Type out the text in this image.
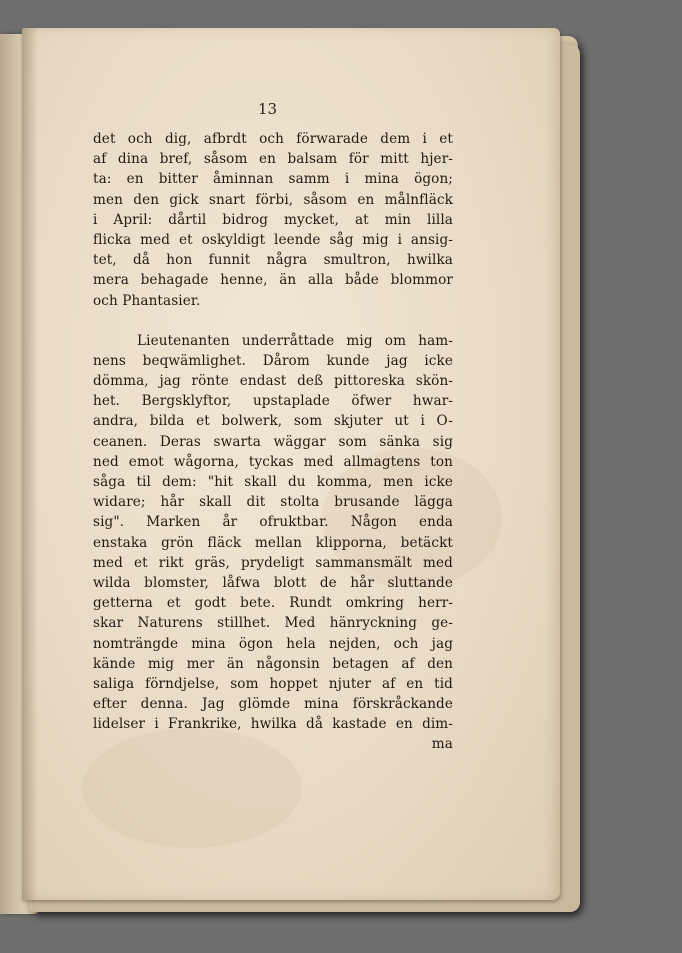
13
det och dig, afbrdt och förwarade dem i et
af dina bref, såsom en balsam för mitt hjer-
ta: en bitter åminnan samm i mina ögon;
men den gick snart förbi, såsom en målnfläck
i April: dårtil bidrog mycket, at min lilla
flicka med et oskyldigt leende såg mig i ansig-
tet, då hon funnit några smultron, hwilka
mera behagade henne, än alla både blommor
och Phantasier.
Lieutenanten underråttade mig om ham-
nens beqwämlighet. Dårom kunde jag icke
dömma, jag rönte endast deß pittoreska skön-
het. Bergsklyftor, upstaplade öfwer hwar-
andra, bilda et bolwerk, som skjuter ut i O-
ceanen. Deras swarta wäggar som sänka sig
ned emot wågorna, tyckas med allmagtens ton
såga til dem: "hit skall du komma, men icke
widare; hår skall dit stolta brusande lägga
sig". Marken år ofruktbar. Någon enda
enstaka grön fläck mellan klipporna, betäckt
med et rikt gräs, prydeligt sammansmält med
wilda blomster, låfwa blott de hår sluttande
getterna et godt bete. Rundt omkring herr-
skar Naturens stillhet. Med hänryckning ge-
nomträngde mina ögon hela nejden, och jag
kände mig mer än någonsin betagen af den
saliga förndjelse, som hoppet njuter af en tid
efter denna. Jag glömde mina förskråckande
lidelser i Frankrike, hwilka då kastade en dim-
ma
